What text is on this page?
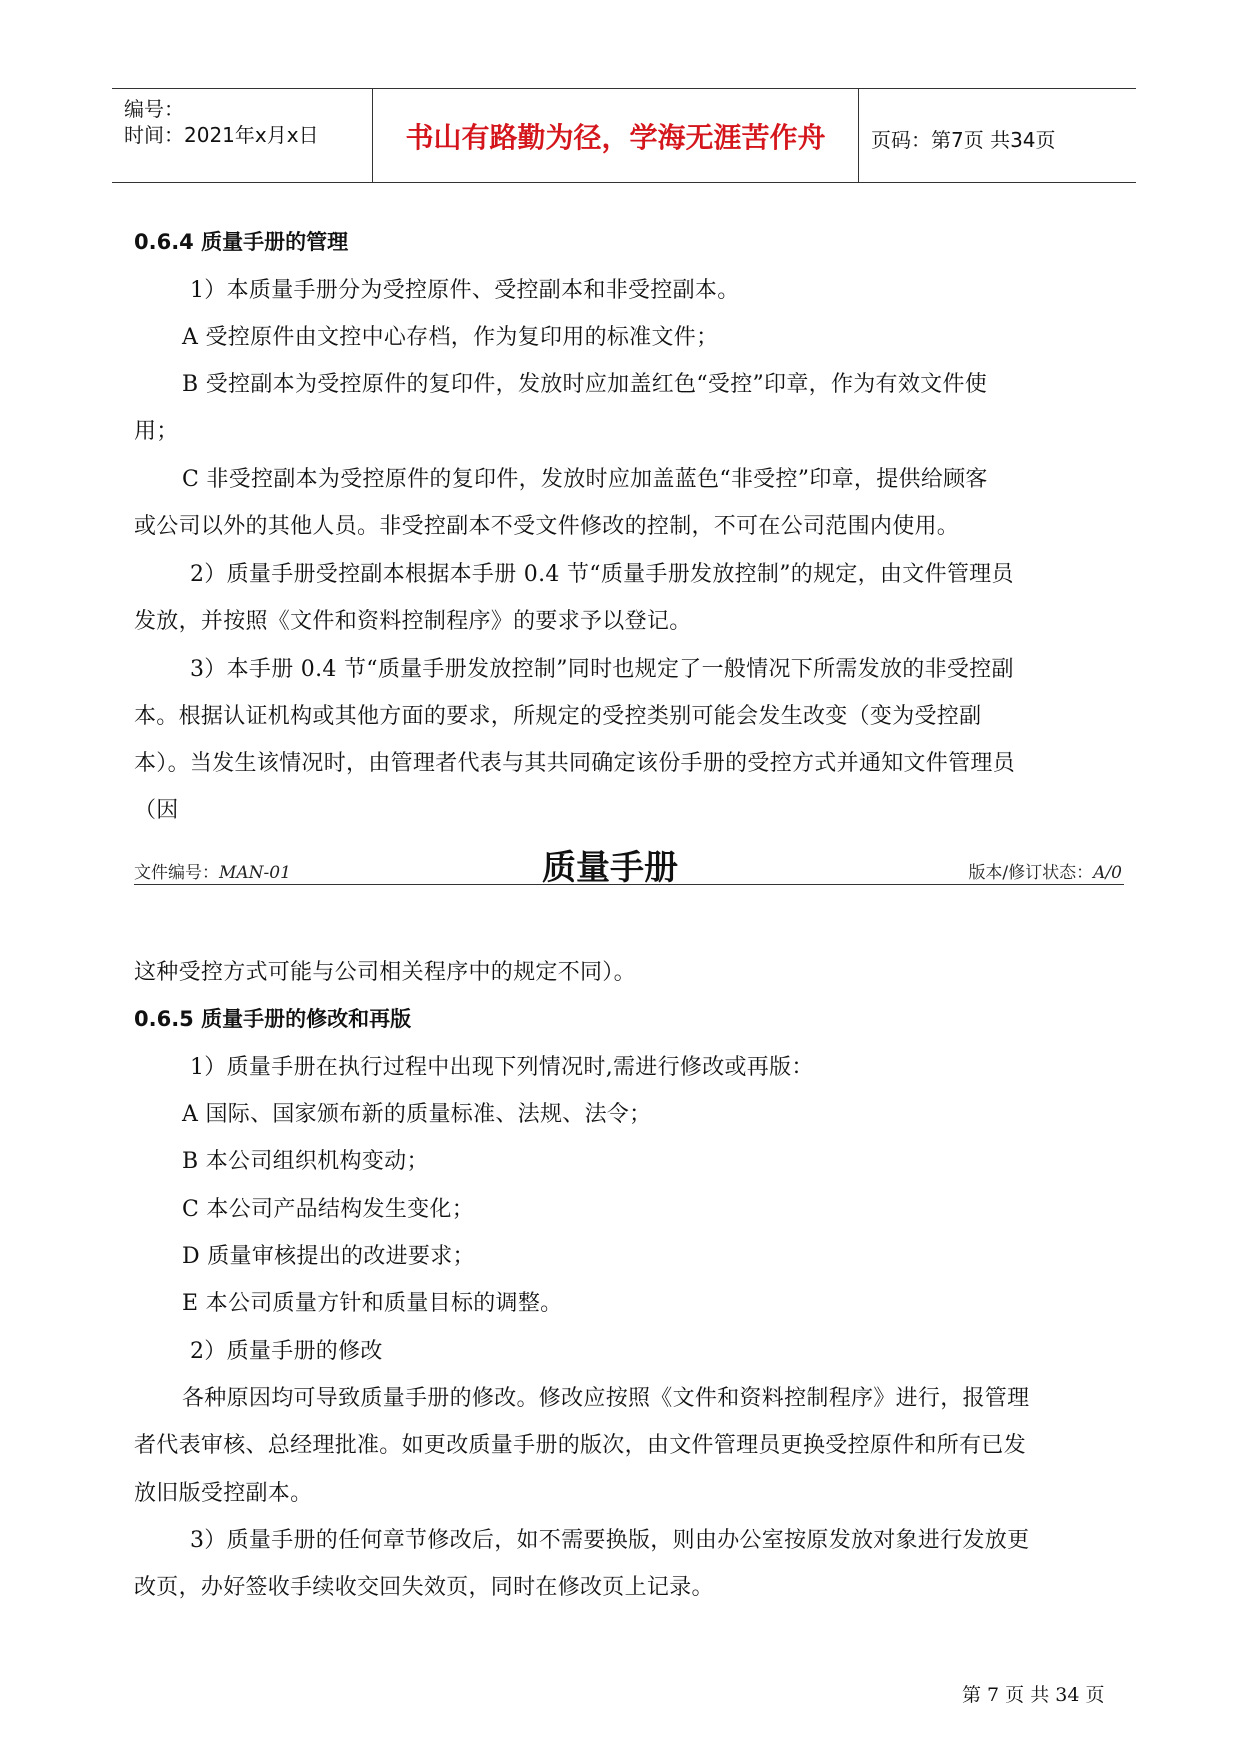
编号：
时间：2021年x月x日	书山有路勤为径，学海无涯苦作舟	页码：第7页 共34页
0.6.4 质量手册的管理
1）本质量手册分为受控原件、受控副本和非受控副本。
A 受控原件由文控中心存档，作为复印用的标准文件；
B 受控副本为受控原件的复印件，发放时应加盖红色“受控”印章，作为有效文件使
用；
C 非受控副本为受控原件的复印件，发放时应加盖蓝色“非受控”印章，提供给顾客
或公司以外的其他人员。非受控副本不受文件修改的控制，不可在公司范围内使用。
2）质量手册受控副本根据本手册 0.4 节“质量手册发放控制”的规定，由文件管理员
发放，并按照《文件和资料控制程序》的要求予以登记。
3）本手册 0.4 节“质量手册发放控制”同时也规定了一般情况下所需发放的非受控副
本。根据认证机构或其他方面的要求，所规定的受控类别可能会发生改变（变为受控副
本）。当发生该情况时，由管理者代表与其共同确定该份手册的受控方式并通知文件管理员
（因
文件编号：MAN-01	质量手册	版本/修订状态：A/0
这种受控方式可能与公司相关程序中的规定不同）。
0.6.5 质量手册的修改和再版
1）质量手册在执行过程中出现下列情况时,需进行修改或再版：
A 国际、国家颁布新的质量标准、法规、法令；
B 本公司组织机构变动；
C 本公司产品结构发生变化；
D 质量审核提出的改进要求；
E 本公司质量方针和质量目标的调整。
2）质量手册的修改
各种原因均可导致质量手册的修改。修改应按照《文件和资料控制程序》进行，报管理
者代表审核、总经理批准。如更改质量手册的版次，由文件管理员更换受控原件和所有已发
放旧版受控副本。
3）质量手册的任何章节修改后，如不需要换版，则由办公室按原发放对象进行发放更
改页，办好签收手续收交回失效页，同时在修改页上记录。
第 7 页 共 34 页
